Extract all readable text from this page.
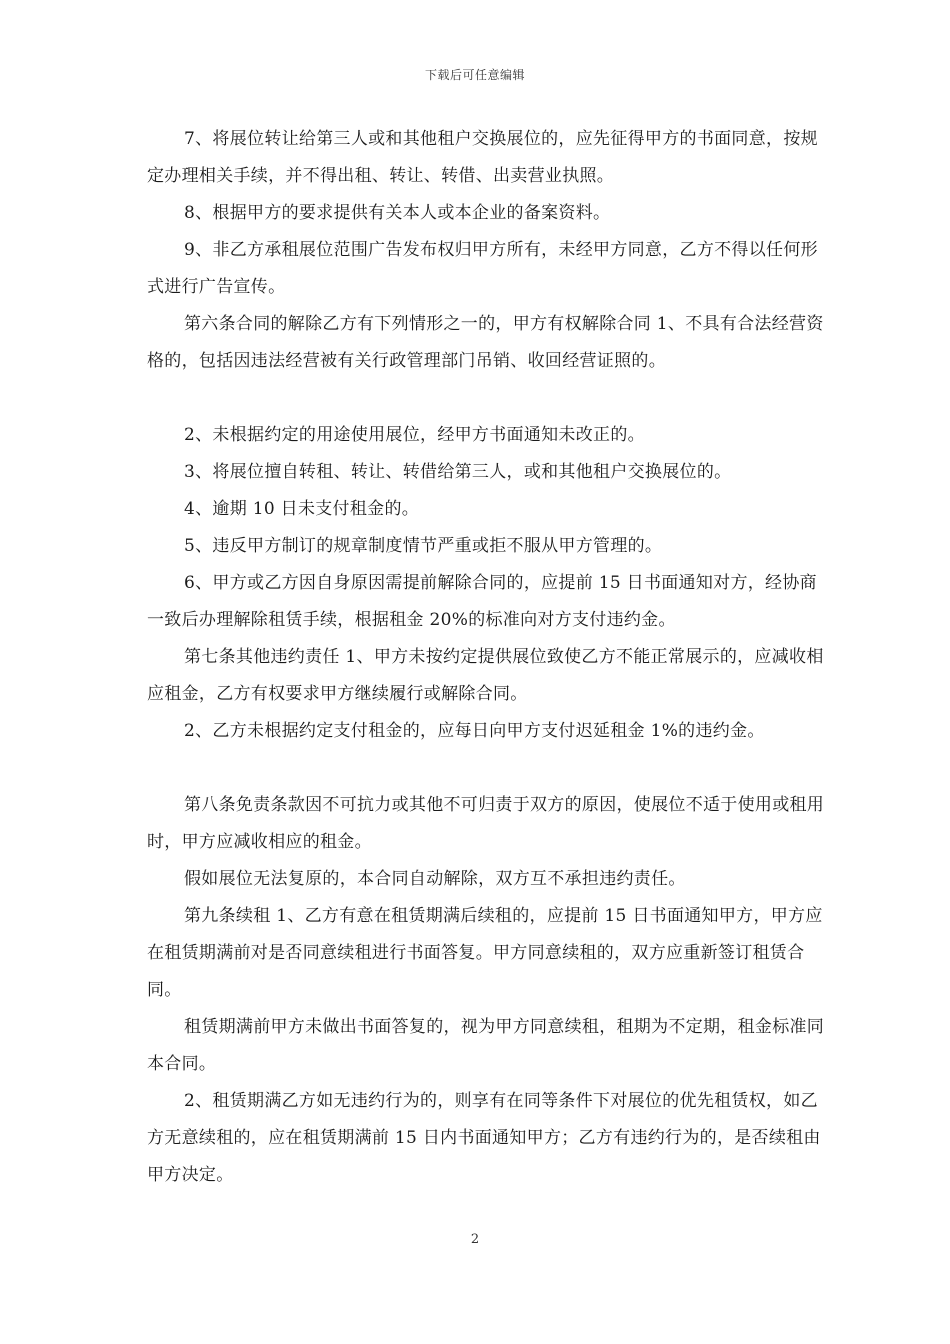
下载后可任意编辑

7、将展位转让给第三人或和其他租户交换展位的，应先征得甲方的书面同意，按规定办理相关手续，并不得出租、转让、转借、出卖营业执照。

8、根据甲方的要求提供有关本人或本企业的备案资料。

9、非乙方承租展位范围广告发布权归甲方所有，未经甲方同意，乙方不得以任何形式进行广告宣传。

第六条合同的解除乙方有下列情形之一的，甲方有权解除合同 1、不具有合法经营资格的，包括因违法经营被有关行政管理部门吊销、收回经营证照的。

2、未根据约定的用途使用展位，经甲方书面通知未改正的。

3、将展位擅自转租、转让、转借给第三人，或和其他租户交换展位的。

4、逾期 10 日未支付租金的。

5、违反甲方制订的规章制度情节严重或拒不服从甲方管理的。

6、甲方或乙方因自身原因需提前解除合同的，应提前 15 日书面通知对方，经协商一致后办理解除租赁手续，根据租金 20%的标准向对方支付违约金。

第七条其他违约责任 1、甲方未按约定提供展位致使乙方不能正常展示的，应减收相应租金，乙方有权要求甲方继续履行或解除合同。

2、乙方未根据约定支付租金的，应每日向甲方支付迟延租金 1%的违约金。

第八条免责条款因不可抗力或其他不可归责于双方的原因，使展位不适于使用或租用时，甲方应减收相应的租金。

假如展位无法复原的，本合同自动解除，双方互不承担违约责任。

第九条续租 1、乙方有意在租赁期满后续租的，应提前 15 日书面通知甲方，甲方应在租赁期满前对是否同意续租进行书面答复。甲方同意续租的，双方应重新签订租赁合同。

租赁期满前甲方未做出书面答复的，视为甲方同意续租，租期为不定期，租金标准同本合同。

2、租赁期满乙方如无违约行为的，则享有在同等条件下对展位的优先租赁权，如乙方无意续租的，应在租赁期满前 15 日内书面通知甲方；乙方有违约行为的，是否续租由甲方决定。

2
